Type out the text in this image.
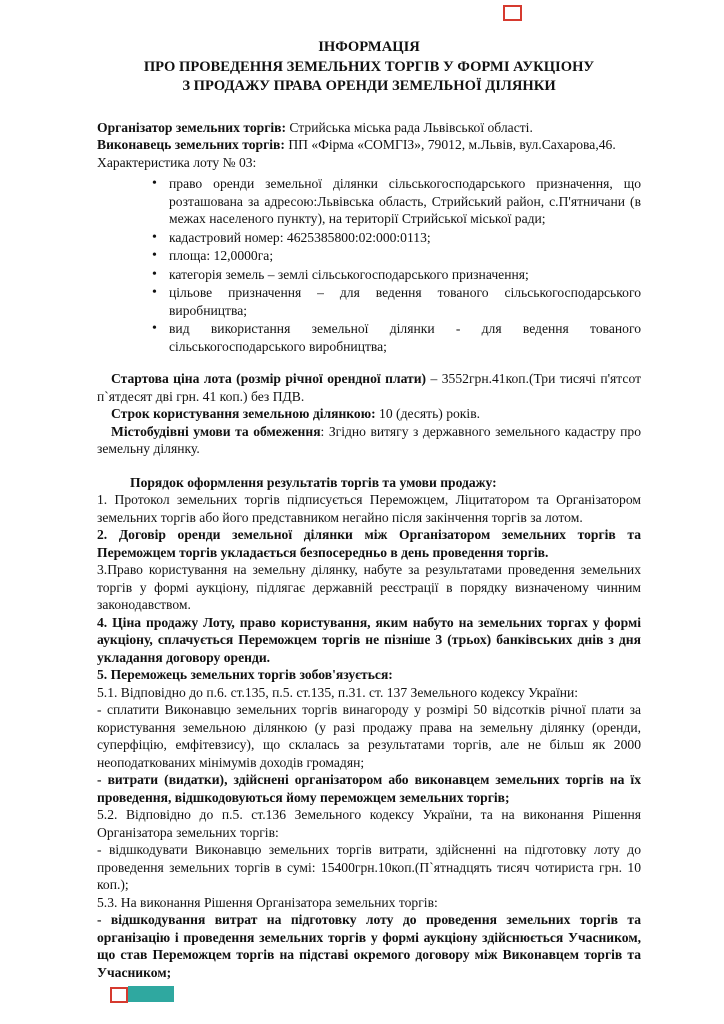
ІНФОРМАЦІЯ
ПРО ПРОВЕДЕННЯ ЗЕМЕЛЬНИХ ТОРГІВ У ФОРМІ АУКЦІОНУ
З ПРОДАЖУ ПРАВА ОРЕНДИ ЗЕМЕЛЬНОЇ ДІЛЯНКИ

Організатор земельних торгів: Стрийська міська рада Львівської області.

Виконавець земельних торгів: ПП «Фірма «СОМГІЗ», 79012, м.Львів, вул.Сахарова,46.

Характеристика лоту № 03:

• право оренди земельної ділянки сільськогосподарського призначення, що розташована за адресою:Львівська область, Стрийський район, с.П'ятничани (в межах населеного пункту), на території Стрийської міської ради;
• кадастровий номер: 4625385800:02:000:0113;
• площа: 12,0000га;
• категорія земель – землі сільськогосподарського призначення;
• цільове призначення – для ведення тованого сільськогосподарського виробництва;
• вид використання земельної ділянки - для ведення тованого сільськогосподарського виробництва;

Стартова ціна лота (розмір річної орендної плати) – 3552грн.41коп.(Три тисячі п'ятсот п`ятдесят дві грн. 41 коп.) без ПДВ.

Строк користування земельною ділянкою: 10 (десять) років.

Містобудівні умови та обмеження: Згідно витягу з державного земельного кадастру про земельну ділянку.

Порядок оформлення результатів торгів та умови продажу:

1. Протокол земельних торгів підписується Переможцем, Ліцитатором та Організатором земельних торгів або його представником негайно після закінчення торгів за лотом.

2. Договір оренди земельної ділянки між Організатором земельних торгів та Переможцем торгів укладається безпосередньо в день проведення торгів.

3.Право користування на земельну ділянку, набуте за результатами проведення земельних торгів у формі аукціону, підлягає державній реєстрації в порядку визначеному чинним законодавством.

4. Ціна продажу Лоту, право користування, яким набуто на земельних торгах у формі аукціону, сплачується Переможцем торгів не пізніше 3 (трьох) банківських днів з дня укладання договору оренди.

5. Переможець земельних торгів зобов'язується:

5.1. Відповідно до п.6. ст.135, п.5. ст.135, п.31. ст. 137 Земельного кодексу України:

- сплатити Виконавцю земельних торгів винагороду у розмірі 50 відсотків річної плати за користування земельною ділянкою (у разі продажу права на земельну ділянку (оренди, суперфіцію, емфітевзису), що склалась за результатами торгів, але не більш як 2000 неоподаткованих мінімумів доходів громадян;

- витрати (видатки), здійснені організатором або виконавцем земельних торгів на їх проведення, відшкодовуються йому переможцем земельних торгів;

5.2. Відповідно до п.5. ст.136 Земельного кодексу України, та на виконання Рішення Організатора земельних торгів:

- відшкодувати Виконавцю земельних торгів витрати, здійсненні на підготовку лоту до проведення земельних торгів в сумі: 15400грн.10коп.(П`ятнадцять тисяч чотириста грн. 10 коп.);

5.3. На виконання Рішення Організатора земельних торгів:

- відшкодування витрат на підготовку лоту до проведення земельних торгів та організацію і проведення земельних торгів у формі аукціону здійснюється Учасником, що став Переможцем торгів на підставі окремого договору між Виконавцем торгів та Учасником;
